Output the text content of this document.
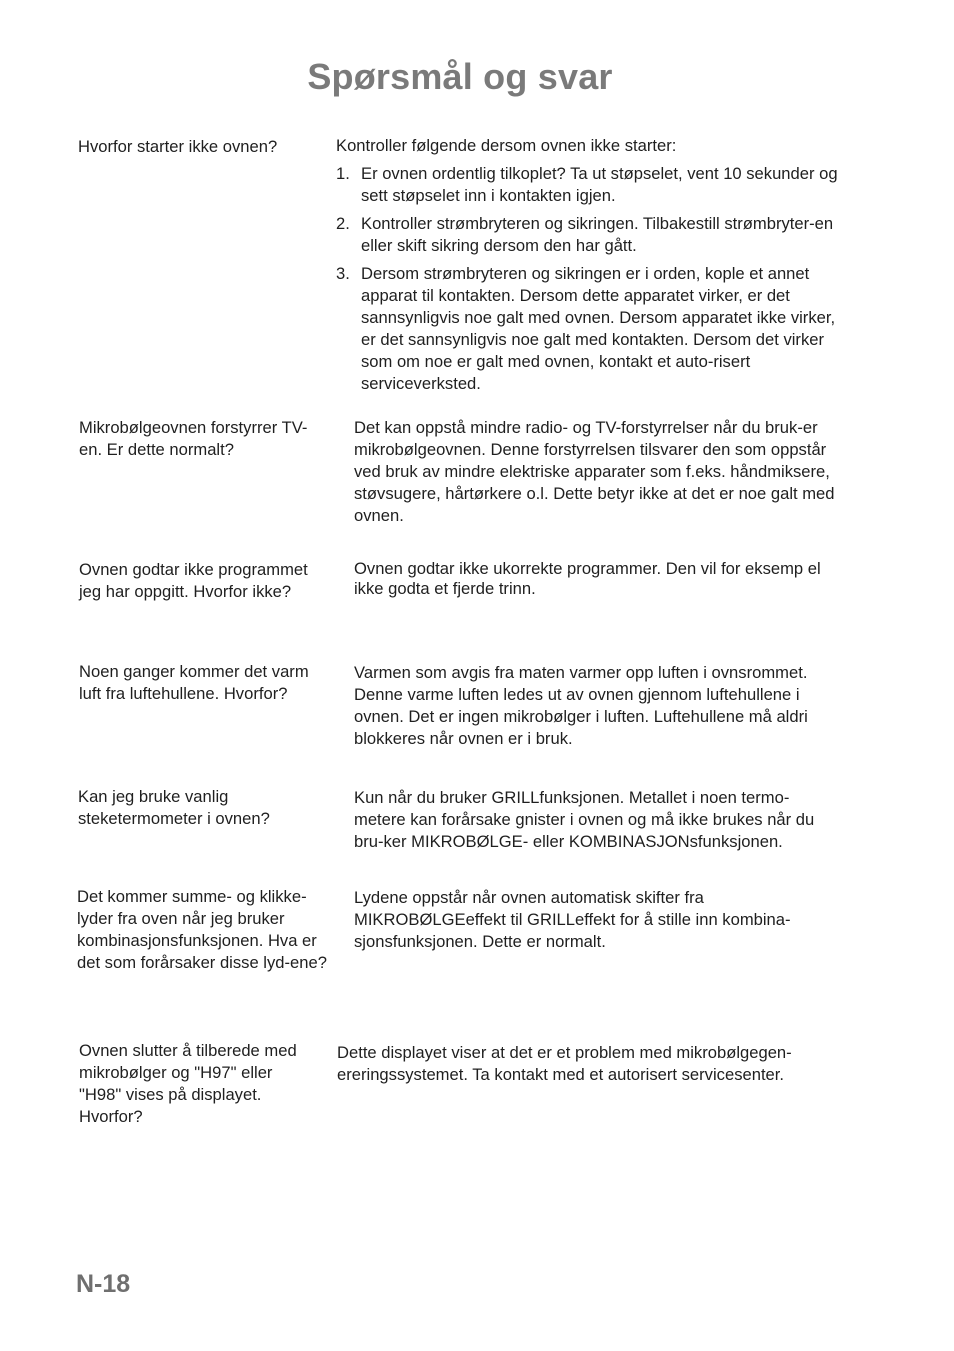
Spørsmål og svar
Hvorfor starter ikke ovnen?	Kontroller følgende dersom ovnen ikke starter:

1. Er ovnen ordentlig tilkoplet? Ta ut støpselet, vent 10 sekunder og sett støpselet inn i kontakten igjen.
2. Kontroller strømbryteren og sikringen. Tilbakestill strømbryter-en eller skift sikring dersom den har gått.
3. Dersom strømbryteren og sikringen er i orden, kople et annet apparat til kontakten. Dersom dette apparatet virker, er det sannsynligvis noe galt med ovnen. Dersom apparatet ikke virker, er det sannsynligvis noe galt med kontakten. Dersom det virker som om noe er galt med ovnen, kontakt et auto-risert serviceverksted.
Mikrobølgeovnen forstyrrer TV-en. Er dette normalt?
Det kan oppstå mindre radio- og TV-forstyrrelser når du bruk-er mikrobølgeovnen. Denne forstyrrelsen tilsvarer den som oppstår ved bruk av mindre elektriske apparater som f.eks. håndmiksere, støvsugere, hårtørkere o.l. Dette betyr ikke at det er noe galt med ovnen.
Ovnen godtar ikke programmet jeg har oppgitt. Hvorfor ikke?
Ovnen godtar ikke ukorrekte programmer. Den vil for eksemp el ikke godta et fjerde trinn.
Noen ganger kommer det varm luft fra luftehullene. Hvorfor?
Varmen som avgis fra maten varmer opp luften i ovnsrommet. Denne varme luften ledes ut av ovnen gjennom luftehullene i ovnen. Det er ingen mikrobølger i luften. Luftehullene må aldri blokkeres når ovnen er i bruk.
Kan jeg bruke vanlig steketermometer i ovnen?
Kun når du bruker GRILLfunksjonen. Metallet i noen termo-metere kan forårsake gnister i ovnen og må ikke brukes når du bru-ker MIKROBØLGE- eller KOMBINASJONsfunksjonen.
Det kommer summe- og klikke-lyder fra oven når jeg bruker kombinasjonsfunksjonen. Hva er det som forårsaker disse lyd-ene?
Lydene oppstår når ovnen automatisk skifter fra MIKROBØLGEeffekt til GRILLeffekt for å stille inn kombina-sjonsfunksjonen. Dette er normalt.
Ovnen slutter å tilberede med mikrobølger og "H97" eller "H98" vises på displayet. Hvorfor?
Dette displayet viser at det er et problem med mikrobølgegen-ereringssystemet. Ta kontakt med et autorisert servicesenter.
N-18
